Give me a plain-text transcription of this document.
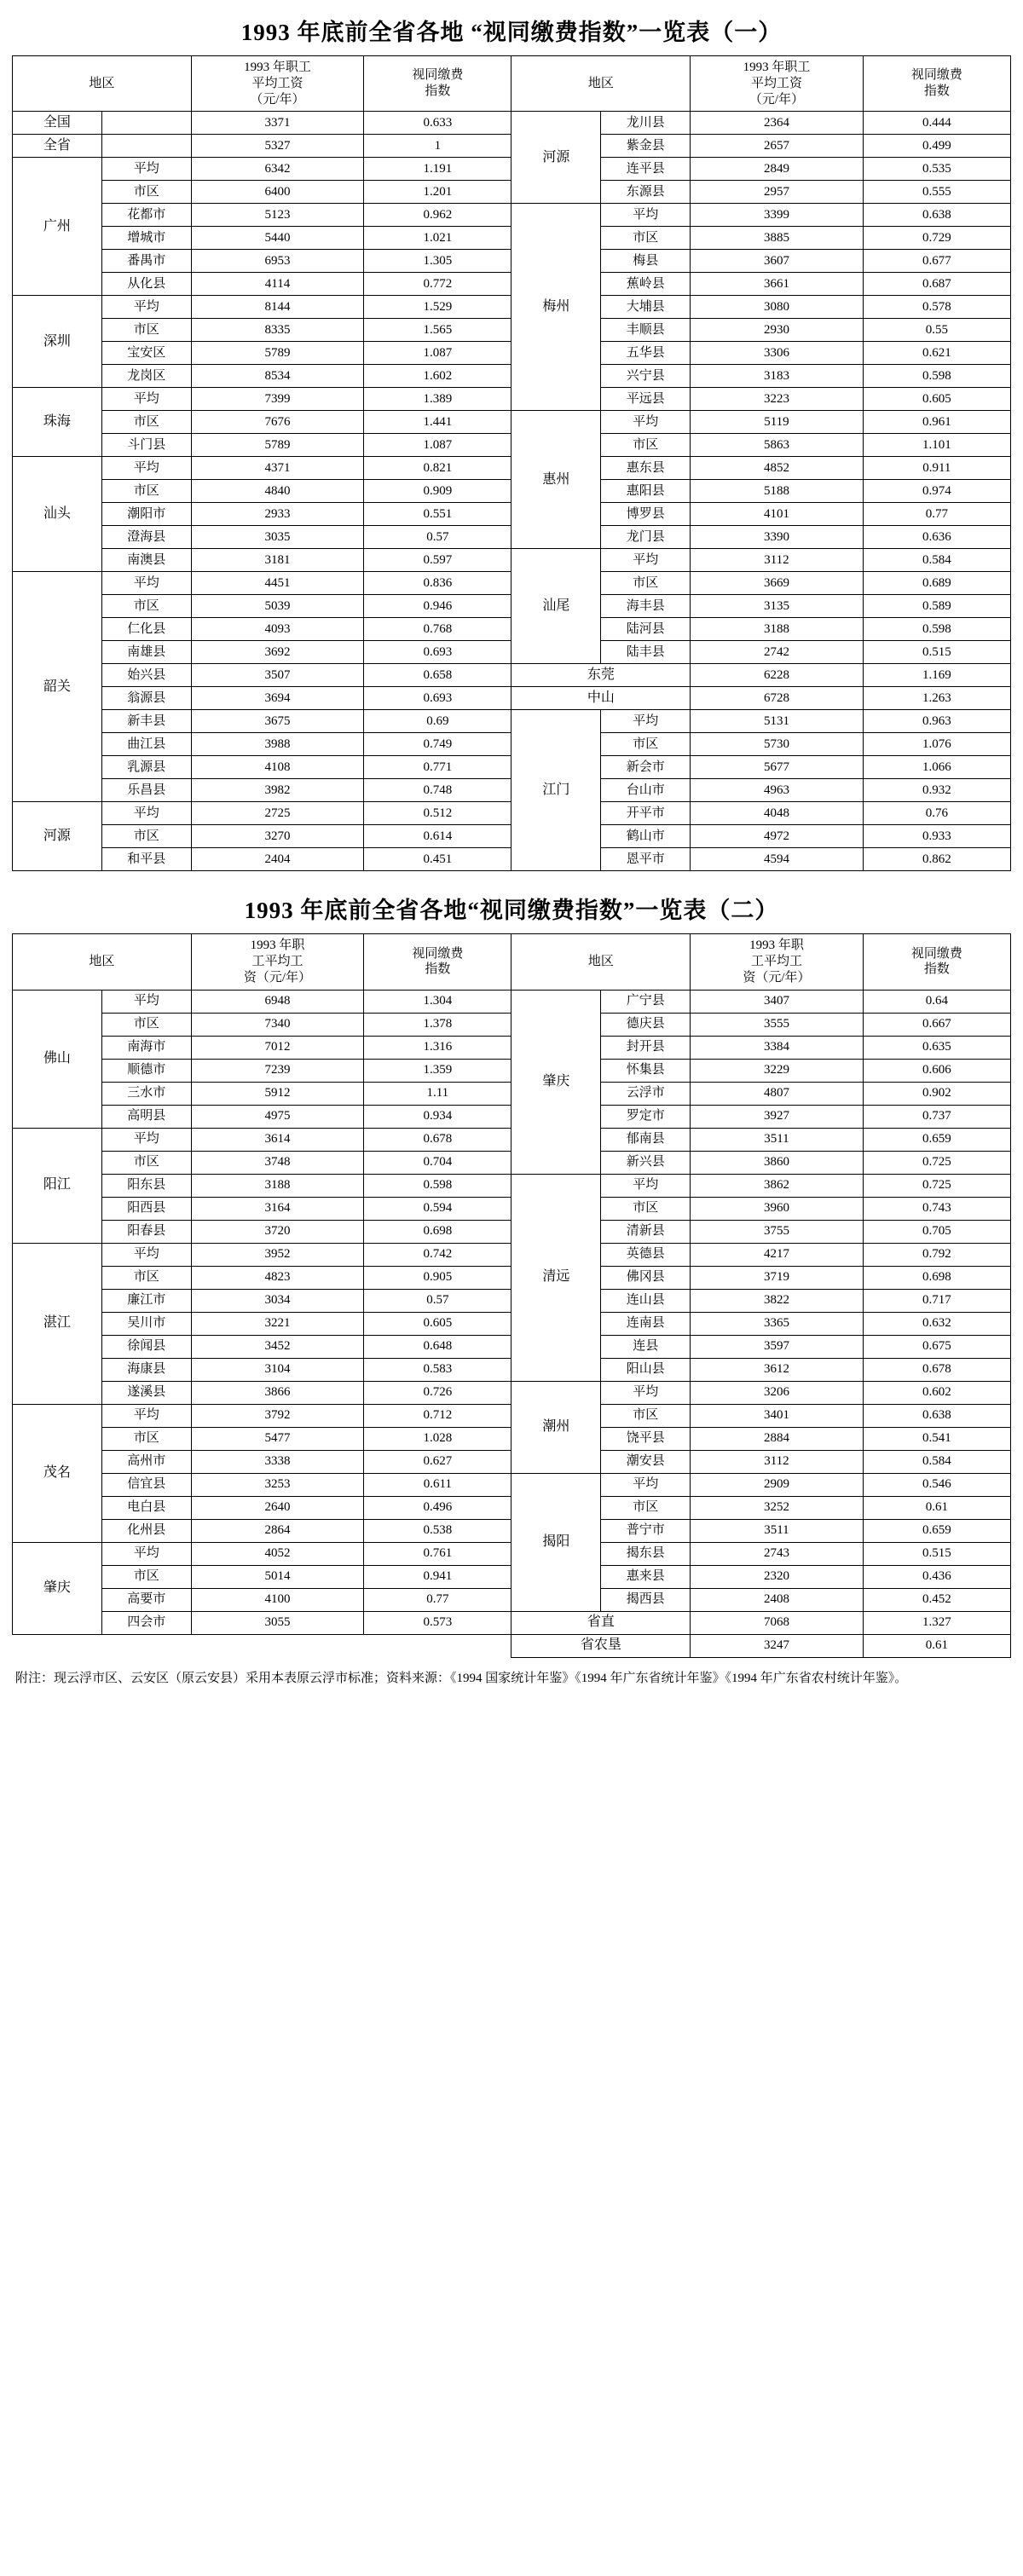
1993 年底前全省各地 “视同缴费指数”一览表（一）
地区		1993 年职工
平均工资
（元/年）	视同缴费
指数	地区		1993 年职工
平均工资
（元/年）	视同缴费
指数
全国		3371	0.633	河源	龙川县	2364	0.444
全省		5327	1		紫金县	2657	0.499
广州	平均	6342	1.191		连平县	2849	0.535
	市区	6400	1.201		东源县	2957	0.555
	花都市	5123	0.962	梅州	平均	3399	0.638
	增城市	5440	1.021		市区	3885	0.729
	番禺市	6953	1.305		梅县	3607	0.677
	从化县	4114	0.772		蕉岭县	3661	0.687
深圳	平均	8144	1.529		大埔县	3080	0.578
	市区	8335	1.565		丰顺县	2930	0.55
	宝安区	5789	1.087		五华县	3306	0.621
	龙岗区	8534	1.602		兴宁县	3183	0.598
珠海	平均	7399	1.389		平远县	3223	0.605
	市区	7676	1.441	惠州	平均	5119	0.961
	斗门县	5789	1.087		市区	5863	1.101
汕头	平均	4371	0.821		惠东县	4852	0.911
	市区	4840	0.909		惠阳县	5188	0.974
	潮阳市	2933	0.551		博罗县	4101	0.77
	澄海县	3035	0.57		龙门县	3390	0.636
	南澳县	3181	0.597	汕尾	平均	3112	0.584
韶关	平均	4451	0.836		市区	3669	0.689
	市区	5039	0.946		海丰县	3135	0.589
	仁化县	4093	0.768		陆河县	3188	0.598
	南雄县	3692	0.693		陆丰县	2742	0.515
	始兴县	3507	0.658	东莞		6228	1.169
	翁源县	3694	0.693	中山		6728	1.263
	新丰县	3675	0.69	江门	平均	5131	0.963
	曲江县	3988	0.749		市区	5730	1.076
	乳源县	4108	0.771		新会市	5677	1.066
	乐昌县	3982	0.748		台山市	4963	0.932
河源	平均	2725	0.512		开平市	4048	0.76
	市区	3270	0.614		鹤山市	4972	0.933
	和平县	2404	0.451		恩平市	4594	0.862
1993 年底前全省各地“视同缴费指数”一览表（二）
地区		1993 年职
工平均工
资（元/年）	视同缴费
指数	地区		1993 年职
工平均工
资（元/年）	视同缴费
指数
佛山	平均	6948	1.304	肇庆	广宁县	3407	0.64
	市区	7340	1.378		德庆县	3555	0.667
	南海市	7012	1.316		封开县	3384	0.635
	顺德市	7239	1.359		怀集县	3229	0.606
	三水市	5912	1.11		云浮市	4807	0.902
	高明县	4975	0.934		罗定市	3927	0.737
阳江	平均	3614	0.678		郁南县	3511	0.659
	市区	3748	0.704		新兴县	3860	0.725
	阳东县	3188	0.598	清远	平均	3862	0.725
	阳西县	3164	0.594		市区	3960	0.743
	阳春县	3720	0.698		清新县	3755	0.705
湛江	平均	3952	0.742		英德县	4217	0.792
	市区	4823	0.905		佛冈县	3719	0.698
	廉江市	3034	0.57		连山县	3822	0.717
	吴川市	3221	0.605		连南县	3365	0.632
	徐闻县	3452	0.648		连县	3597	0.675
	海康县	3104	0.583		阳山县	3612	0.678
	遂溪县	3866	0.726	潮州	平均	3206	0.602
茂名	平均	3792	0.712		市区	3401	0.638
	市区	5477	1.028		饶平县	2884	0.541
	高州市	3338	0.627		潮安县	3112	0.584
	信宜县	3253	0.611	揭阳	平均	2909	0.546
	电白县	2640	0.496		市区	3252	0.61
	化州县	2864	0.538		普宁市	3511	0.659
肇庆	平均	4052	0.761		揭东县	2743	0.515
	市区	5014	0.941		惠来县	2320	0.436
	高要市	4100	0.77		揭西县	2408	0.452
	四会市	3055	0.573	省直		7068	1.327
				省农垦		3247	0.61
附注：现云浮市区、云安区（原云安县）采用本表原云浮市标准；资料来源：《1994 国家统计年鉴》《1994 年广东省统计年鉴》《1994 年广东省农村统计年鉴》。
